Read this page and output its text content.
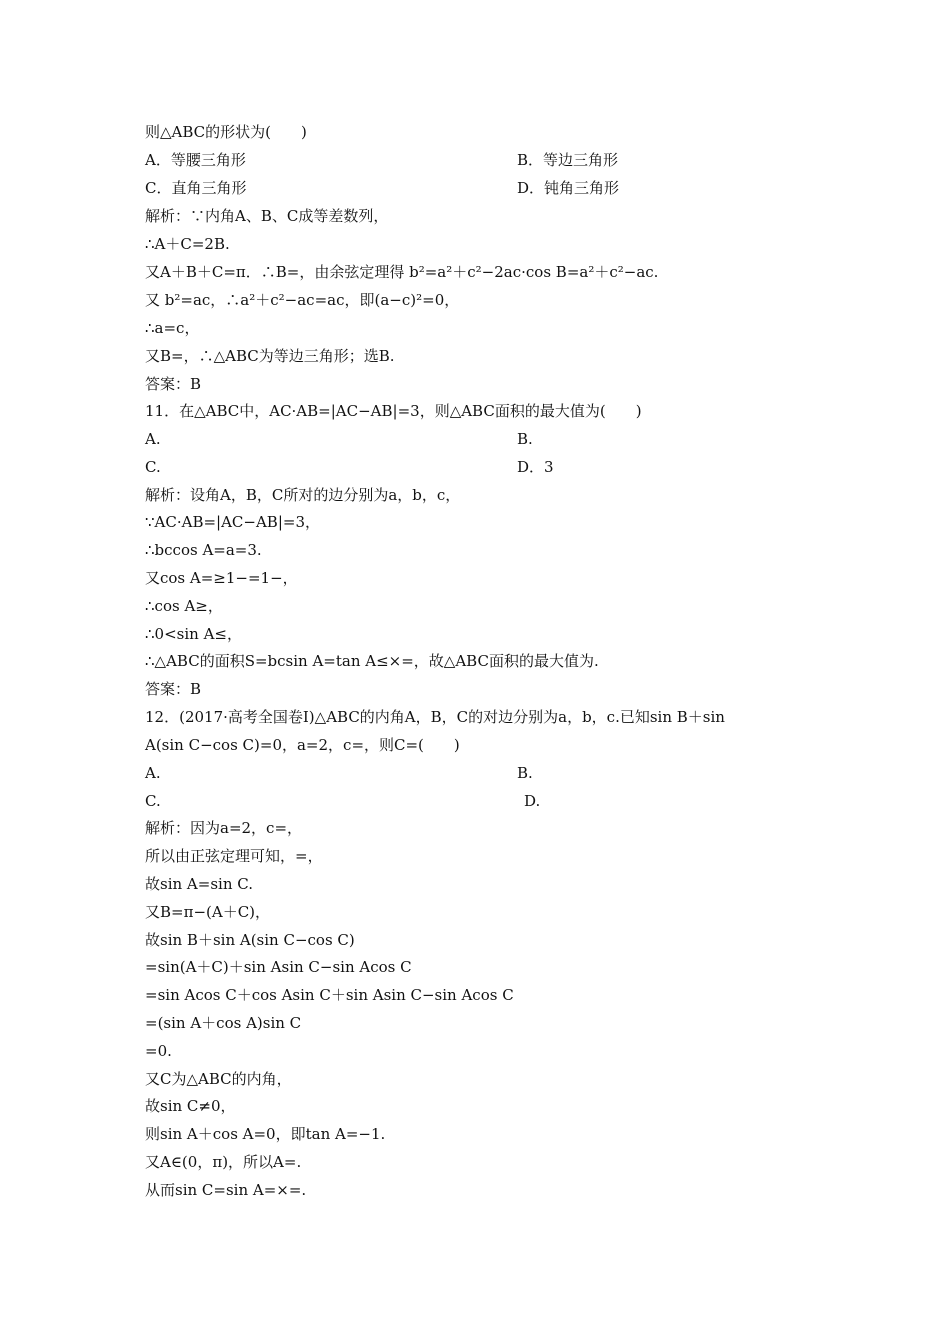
则△ABC的形状为(　　)
A．等腰三角形	B．等边三角形
C．直角三角形	D．钝角三角形
解析：∵内角A、B、C成等差数列，
∴A＋C=2B.
又A＋B＋C=π．∴B=，由余弦定理得 b²=a²＋c²−2ac·cos B=a²＋c²−ac.
又 b²=ac，∴a²＋c²−ac=ac，即(a−c)²=0，
∴a=c，
又B=，∴△ABC为等边三角形；选B.
答案：B
11．在△ABC中，AC·AB=|AC−AB|=3，则△ABC面积的最大值为(　　)
A.	B.
C.	D．3
解析：设角A，B，C所对的边分别为a，b，c，
∵AC·AB=|AC−AB|=3，
∴bccos A=a=3.
又cos A=≥1−=1−，
∴cos A≥，
∴0<sin A≤，
∴△ABC的面积S=bcsin A=tan A≤×=，故△ABC面积的最大值为.
答案：B
12．(2017·高考全国卷Ⅰ)△ABC的内角A，B，C的对边分别为a，b，c.已知sin B＋sin
A(sin C−cos C)=0，a=2，c=，则C=(　　)
A.	B.
C.	D.
解析：因为a=2，c=，
所以由正弦定理可知，=，
故sin A=sin C.
又B=π−(A＋C)，
故sin B＋sin A(sin C−cos C)
=sin(A＋C)＋sin Asin C−sin Acos C
=sin Acos C＋cos Asin C＋sin Asin C−sin Acos C
=(sin A＋cos A)sin C
=0.
又C为△ABC的内角，
故sin C≠0，
则sin A＋cos A=0，即tan A=−1.
又A∈(0，π)，所以A=.
从而sin C=sin A=×=.
